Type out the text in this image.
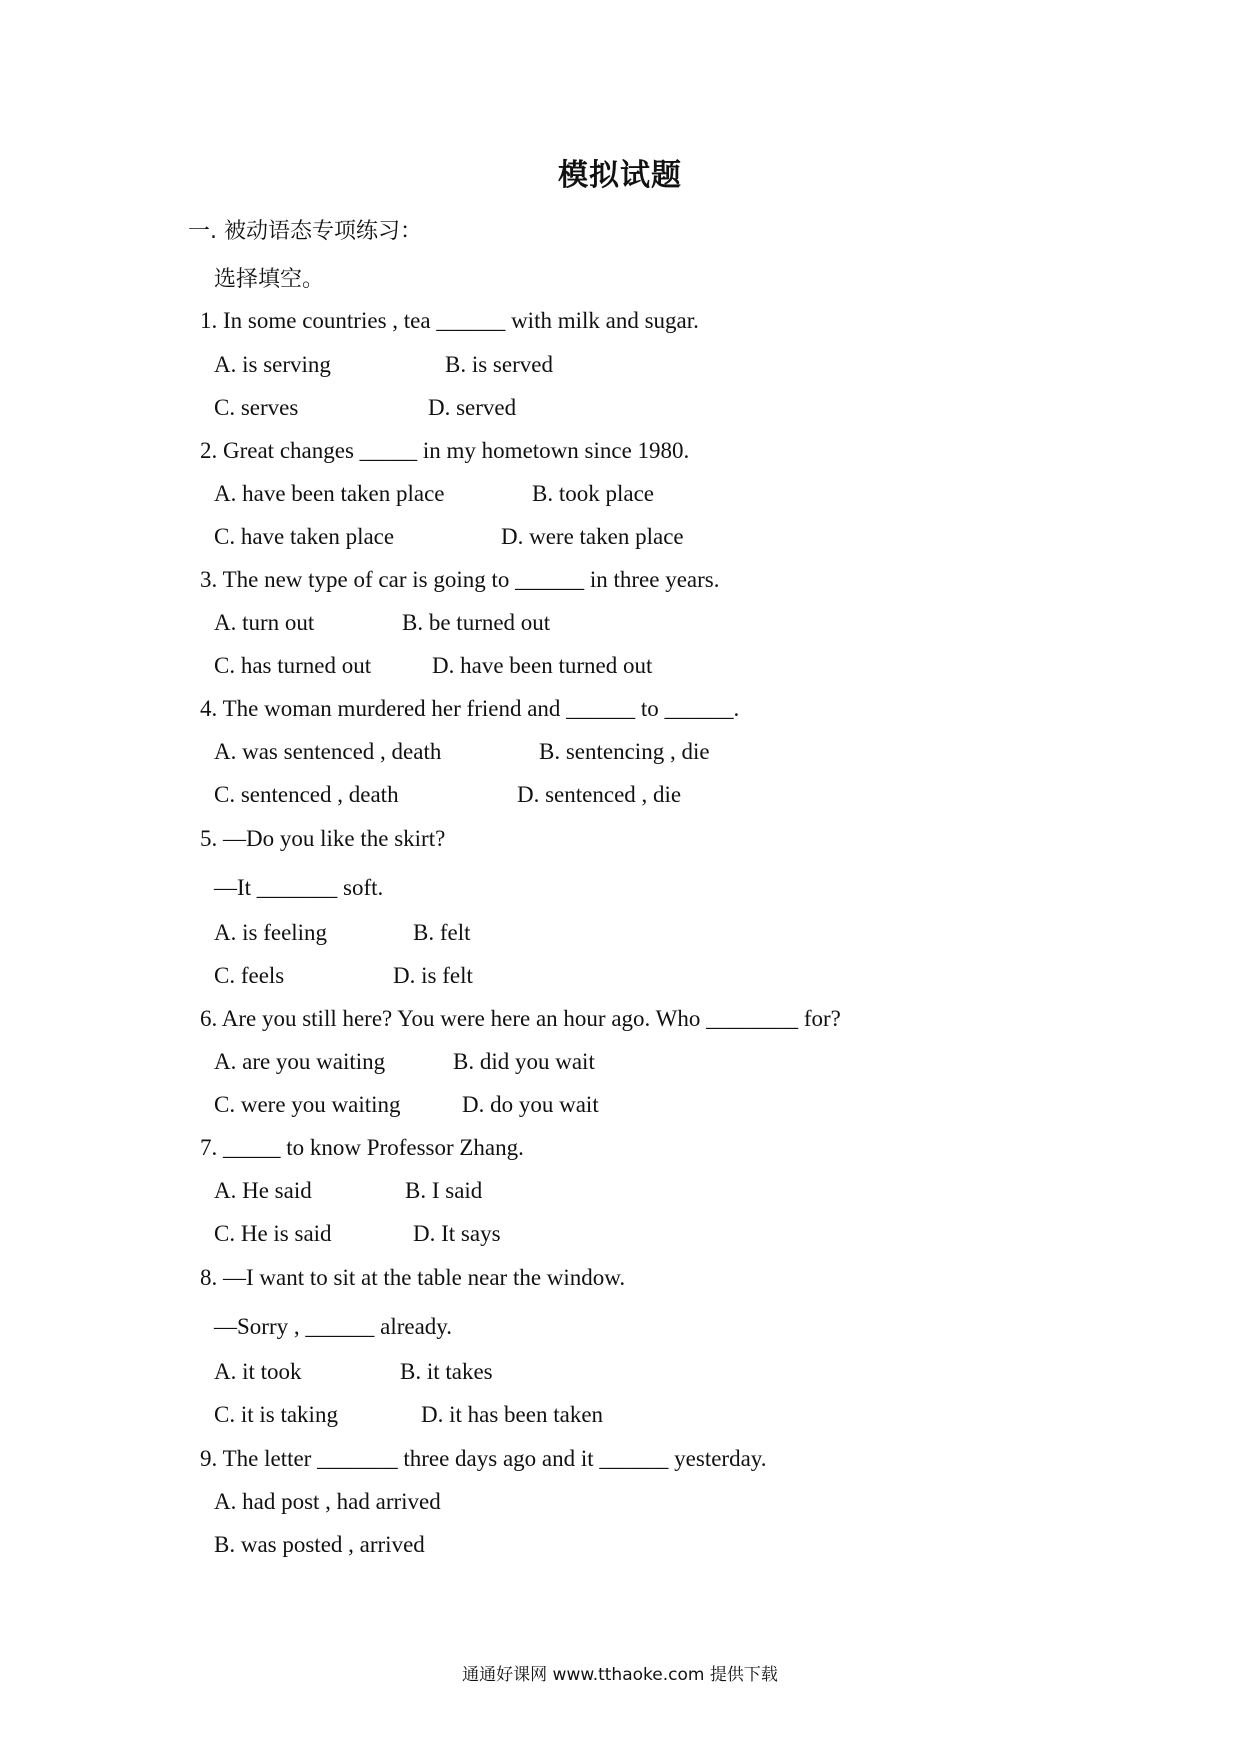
模拟试题
一. 被动语态专项练习：
选择填空。
1. In some countries , tea ______ with milk and sugar.
A. is serving	B. is served
C. serves	D. served
2. Great changes _____ in my hometown since 1980.
A. have been taken place	B. took place
C. have taken place	D. were taken place
3. The new type of car is going to ______ in three years.
A. turn out	B. be turned out
C. has turned out	D. have been turned out
4. The woman murdered her friend and ______ to ______.
A. was sentenced , death	B. sentencing , die
C. sentenced , death	D. sentenced , die
5. —Do you like the skirt?
—It _______ soft.
A. is feeling	B. felt
C. feels	D. is felt
6. Are you still here? You were here an hour ago. Who ________ for?
A. are you waiting	B. did you wait
C. were you waiting	D. do you wait
7. _____ to know Professor Zhang.
A. He said	B. I said
C. He is said	D. It says
8. —I want to sit at the table near the window.
—Sorry , ______ already.
A. it took	B. it takes
C. it is taking	D. it has been taken
9. The letter _______ three days ago and it ______ yesterday.
A. had post , had arrived
B. was posted , arrived
通通好课网 www.tthaoke.com 提供下载
